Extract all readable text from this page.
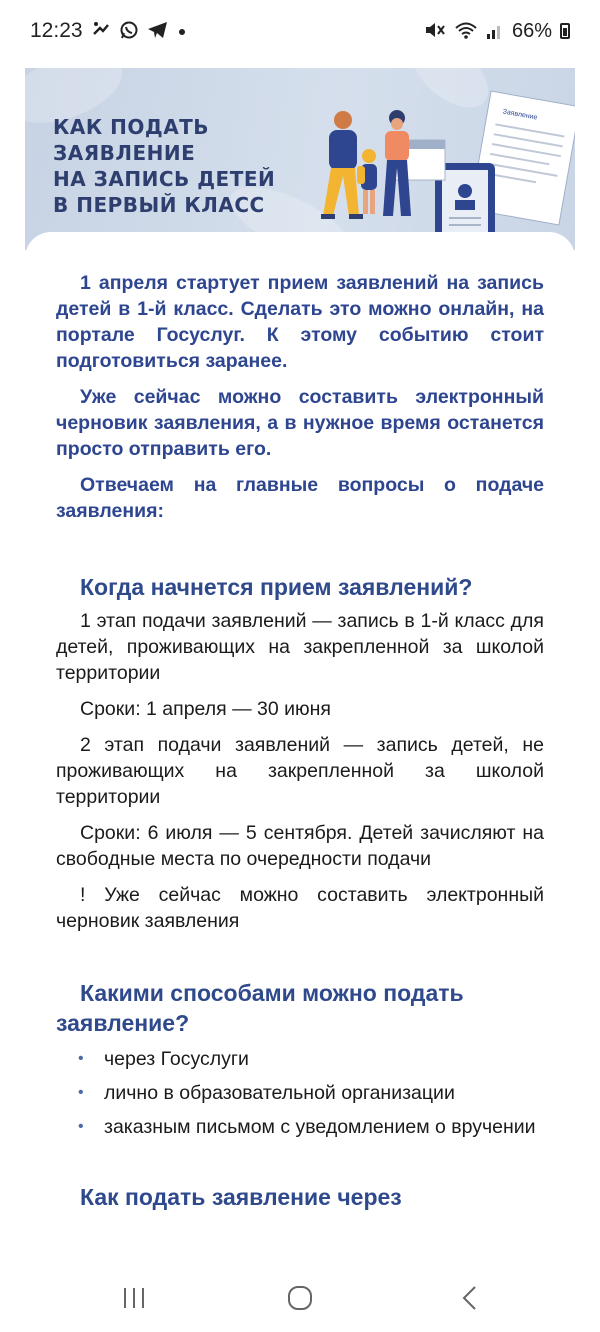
12:23	66%
КАК ПОДАТЬ
ЗАЯВЛЕНИЕ
НА ЗАПИСЬ ДЕТЕЙ
В ПЕРВЫЙ КЛАСС
Заявление

1 апреля стартует прием заявлений на запись детей в 1-й класс. Сделать это можно онлайн, на портале Госуслуг. К этому событию стоит подготовиться заранее.

Уже сейчас можно составить электронный черновик заявления, а в нужное время останется просто отправить его.

Отвечаем на главные вопросы о подаче заявления:

Когда начнется прием заявлений?

1 этап подачи заявлений — запись в 1-й класс для детей, проживающих на закрепленной за школой территории

Сроки: 1 апреля — 30 июня

2 этап подачи заявлений — запись детей, не проживающих на закрепленной за школой территории

Сроки: 6 июля — 5 сентября. Детей зачисляют на свободные места по очередности подачи

! Уже сейчас можно составить электронный черновик заявления

Какими способами можно подать заявление?
• через Госуслуги
• лично в образовательной организации
• заказным письмом с уведомлением о вручении
Как подать заявление через
